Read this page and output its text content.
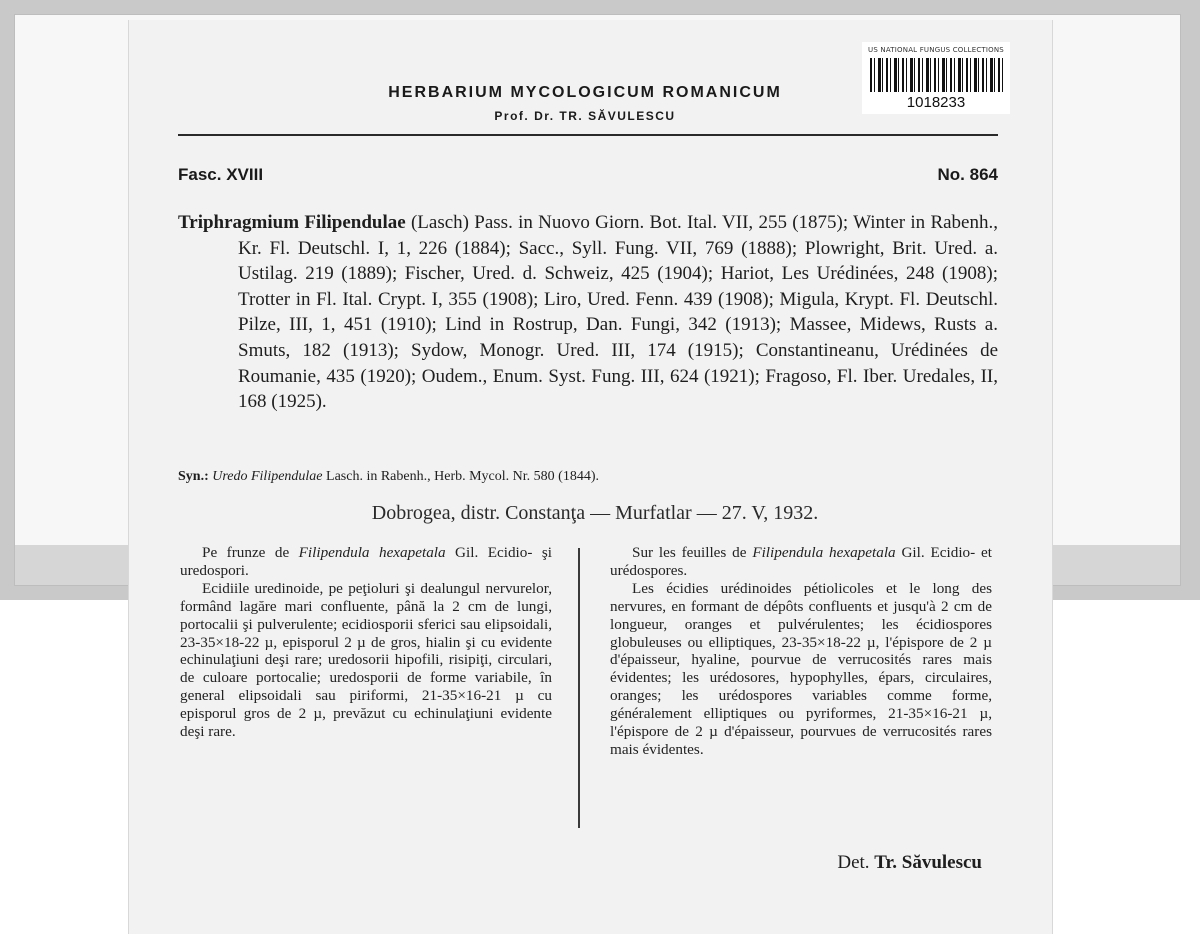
US NATIONAL FUNGUS COLLECTIONS
1018233
HERBARIUM MYCOLOGICUM ROMANICUM
Prof. Dr. TR. SĂVULESCU
Fasc. XVIII	No. 864
Triphragmium Filipendulae (Lasch) Pass. in Nuovo Giorn. Bot. Ital. VII, 255 (1875); Winter in Rabenh., Kr. Fl. Deutschl. I, 1, 226 (1884); Sacc., Syll. Fung. VII, 769 (1888); Plowright, Brit. Ured. a. Ustilag. 219 (1889); Fischer, Ured. d. Schweiz, 425 (1904); Hariot, Les Urédinées, 248 (1908); Trotter in Fl. Ital. Crypt. I, 355 (1908); Liro, Ured. Fenn. 439 (1908); Migula, Krypt. Fl. Deutschl. Pilze, III, 1, 451 (1910); Lind in Rostrup, Dan. Fungi, 342 (1913); Massee, Midews, Rusts a. Smuts, 182 (1913); Sydow, Monogr. Ured. III, 174 (1915); Constantineanu, Urédinées de Roumanie, 435 (1920); Oudem., Enum. Syst. Fung. III, 624 (1921); Fragoso, Fl. Iber. Uredales, II, 168 (1925).
Syn.: Uredo Filipendulae Lasch. in Rabenh., Herb. Mycol. Nr. 580 (1844).
Dobrogea, distr. Constanţa — Murfatlar — 27. V, 1932.

Pe frunze de Filipendula hexapetala Gil. Ecidio- şi uredospori.

Ecidiile uredinoide, pe peţioluri şi dealungul nervurelor, formând lagăre mari confluente, până la 2 cm de lungi, portocalii şi pulverulente; ecidiosporii sferici sau elipsoidali, 23-35×18-22 µ, episporul 2 µ de gros, hialin şi cu evidente echinulaţiuni deşi rare; uredosorii hipofili, risipiţi, circulari, de culoare portocalie; uredosporii de forme variabile, în general elipsoidali sau piriformi, 21-35×16-21 µ cu episporul gros de 2 µ, prevăzut cu echinulaţiuni evidente deşi rare.

Sur les feuilles de Filipendula hexapetala Gil. Ecidio- et urédospores.

Les écidies urédinoides pétiolicoles et le long des nervures, en formant de dépôts confluents et jusqu'à 2 cm de longueur, oranges et pulvérulentes; les écidiospores globuleuses ou elliptiques, 23-35×18-22 µ, l'épispore de 2 µ d'épaisseur, hyaline, pourvue de verrucosités rares mais évidentes; les urédosores, hypophylles, épars, circulaires, oranges; les urédospores variables comme forme, généralement elliptiques ou pyriformes, 21-35×16-21 µ, l'épispore de 2 µ d'épaisseur, pourvues de verrucosités rares mais évidentes.

Det. Tr. Săvulescu
